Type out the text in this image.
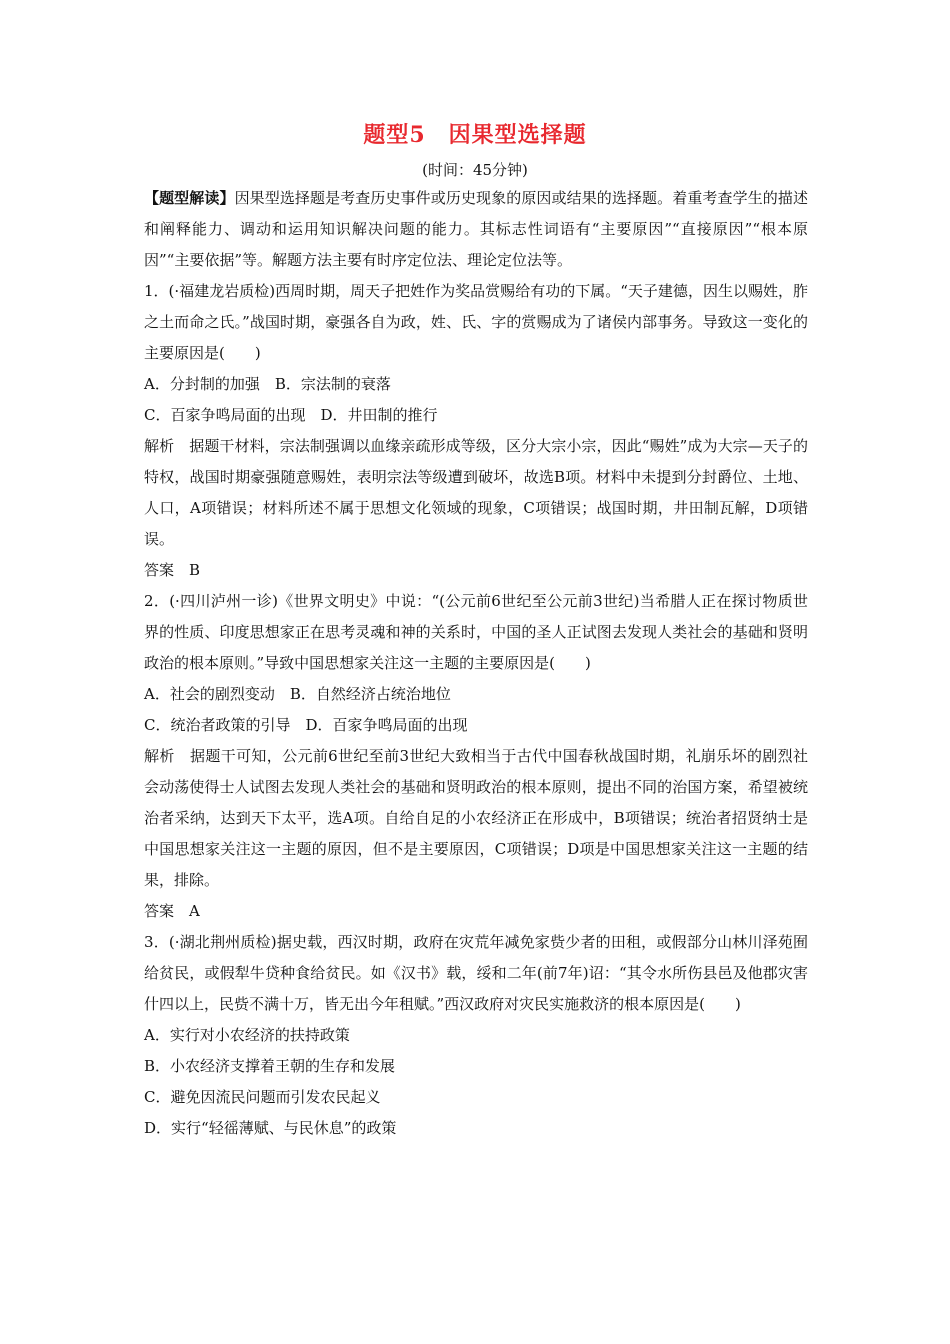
题型5　因果型选择题

(时间：45分钟)

【题型解读】因果型选择题是考查历史事件或历史现象的原因或结果的选择题。着重考查学生的描述和阐释能力、调动和运用知识解决问题的能力。其标志性词语有“主要原因”“直接原因”“根本原因”“主要依据”等。解题方法主要有时序定位法、理论定位法等。

1．(·福建龙岩质检)西周时期，周天子把姓作为奖品赏赐给有功的下属。“天子建德，因生以赐姓，胙之土而命之氏。”战国时期，豪强各自为政，姓、氏、字的赏赐成为了诸侯内部事务。导致这一变化的主要原因是(　　)

A．分封制的加强　B．宗法制的衰落

C．百家争鸣局面的出现　D．井田制的推行

解析　据题干材料，宗法制强调以血缘亲疏形成等级，区分大宗小宗，因此“赐姓”成为大宗—天子的特权，战国时期豪强随意赐姓，表明宗法等级遭到破坏，故选B项。材料中未提到分封爵位、土地、人口，A项错误；材料所述不属于思想文化领域的现象，C项错误；战国时期，井田制瓦解，D项错误。

答案　B

2．(·四川泸州一诊)《世界文明史》中说：“(公元前6世纪至公元前3世纪)当希腊人正在探讨物质世界的性质、印度思想家正在思考灵魂和神的关系时，中国的圣人正试图去发现人类社会的基础和贤明政治的根本原则。”导致中国思想家关注这一主题的主要原因是(　　)

A．社会的剧烈变动　B．自然经济占统治地位

C．统治者政策的引导　D．百家争鸣局面的出现

解析　据题干可知，公元前6世纪至前3世纪大致相当于古代中国春秋战国时期，礼崩乐坏的剧烈社会动荡使得士人试图去发现人类社会的基础和贤明政治的根本原则，提出不同的治国方案，希望被统治者采纳，达到天下太平，选A项。自给自足的小农经济正在形成中，B项错误；统治者招贤纳士是中国思想家关注这一主题的原因，但不是主要原因，C项错误；D项是中国思想家关注这一主题的结果，排除。

答案　A

3．(·湖北荆州质检)据史载，西汉时期，政府在灾荒年减免家赀少者的田租，或假部分山林川泽苑囿给贫民，或假犁牛贷种食给贫民。如《汉书》载，绥和二年(前7年)诏：“其令水所伤县邑及他郡灾害什四以上，民赀不满十万，皆无出今年租赋。”西汉政府对灾民实施救济的根本原因是(　　)

A．实行对小农经济的扶持政策

B．小农经济支撑着王朝的生存和发展

C．避免因流民问题而引发农民起义

D．实行“轻徭薄赋、与民休息”的政策
